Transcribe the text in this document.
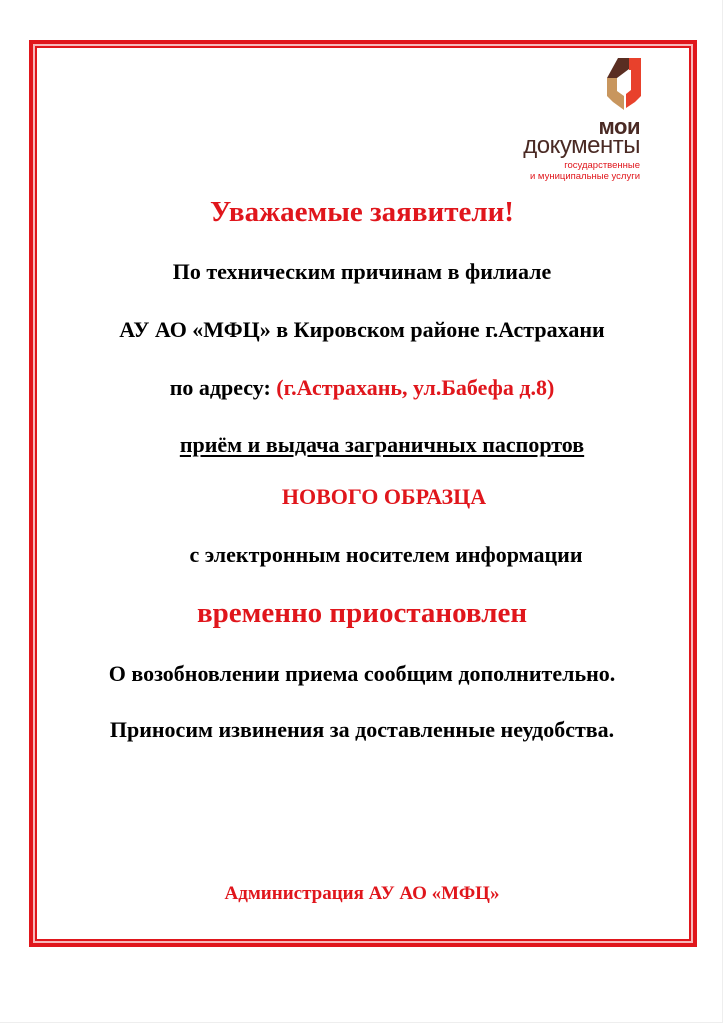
мои
документы
государственные
и муниципальные услуги
Уважаемые заявители!
По техническим причинам в филиале
АУ АО «МФЦ» в Кировском районе г.Астрахани
по адресу: (г.Астрахань, ул.Бабефа д.8)
приём и выдача заграничных паспортов
НОВОГО ОБРАЗЦА
с электронным носителем информации
временно приостановлен
О возобновлении приема сообщим дополнительно.
Приносим извинения за доставленные неудобства.
Администрация АУ АО «МФЦ»
